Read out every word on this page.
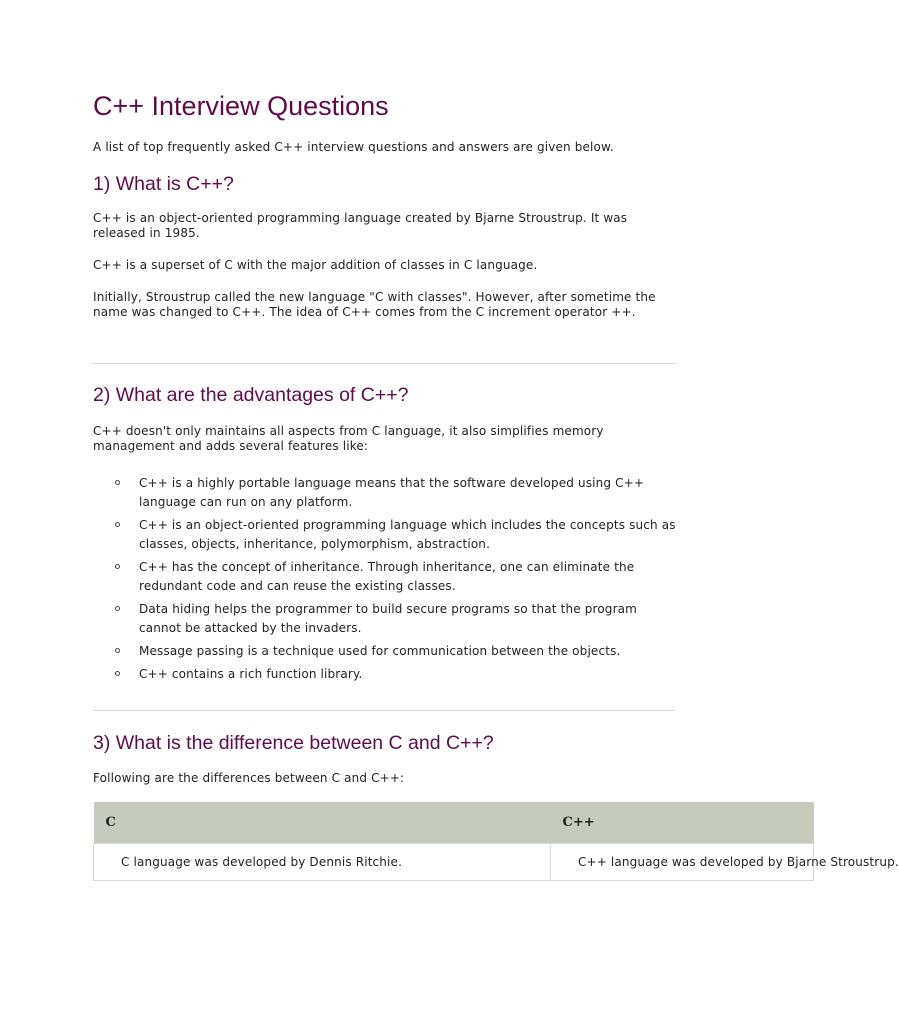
C++ Interview Questions

A list of top frequently asked C++ interview questions and answers are given below.

1) What is C++?

C++ is an object-oriented programming language created by Bjarne Stroustrup. It was released in 1985.

C++ is a superset of C with the major addition of classes in C language.

Initially, Stroustrup called the new language "C with classes". However, after sometime the name was changed to C++. The idea of C++ comes from the C increment operator ++.

2) What are the advantages of C++?

C++ doesn't only maintains all aspects from C language, it also simplifies memory management and adds several features like:

C++ is a highly portable language means that the software developed using C++ language can run on any platform.
C++ is an object-oriented programming language which includes the concepts such as classes, objects, inheritance, polymorphism, abstraction.
C++ has the concept of inheritance. Through inheritance, one can eliminate the redundant code and can reuse the existing classes.
Data hiding helps the programmer to build secure programs so that the program cannot be attacked by the invaders.
Message passing is a technique used for communication between the objects.
C++ contains a rich function library.
3) What is the difference between C and C++?

Following are the differences between C and C++:

C	C++
C language was developed by Dennis Ritchie.	C++ language was developed by Bjarne Stroustrup.
